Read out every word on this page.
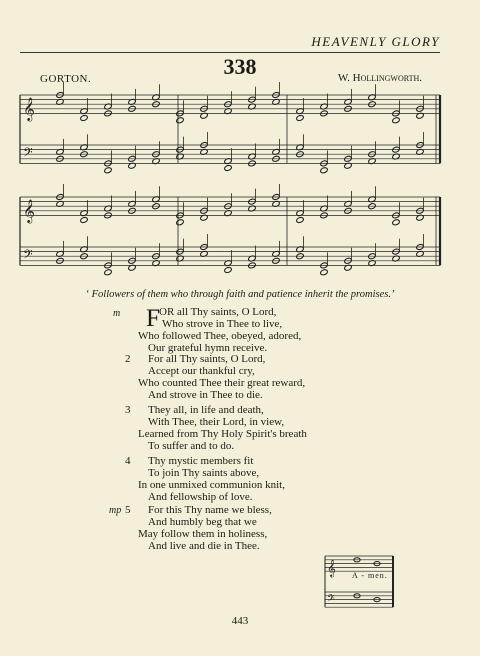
HEAVENLY GLORY
338
GORTON.	W. Hollingworth.
𝄞
𝄢
𝄞
𝄢
𝄞
𝄢
‘ Followers of them who through faith and patience inherit the promises.’
m F OR all Thy saints, O Lord,
Who strove in Thee to live,
Who followed Thee, obeyed, adored,
Our grateful hymn receive.
2 For all Thy saints, O Lord,
Accept our thankful cry,
Who counted Thee their great reward,
And strove in Thee to die.
3 They all, in life and death,
With Thee, their Lord, in view,
Learned from Thy Holy Spirit's breath
To suffer and to do.
4 Thy mystic members fit
To join Thy saints above,
In one unmixed communion knit,
And fellowship of love.
mp 5 For this Thy name we bless,
And humbly beg that we
May follow them in holiness,
And live and die in Thee.
A - men.
443
